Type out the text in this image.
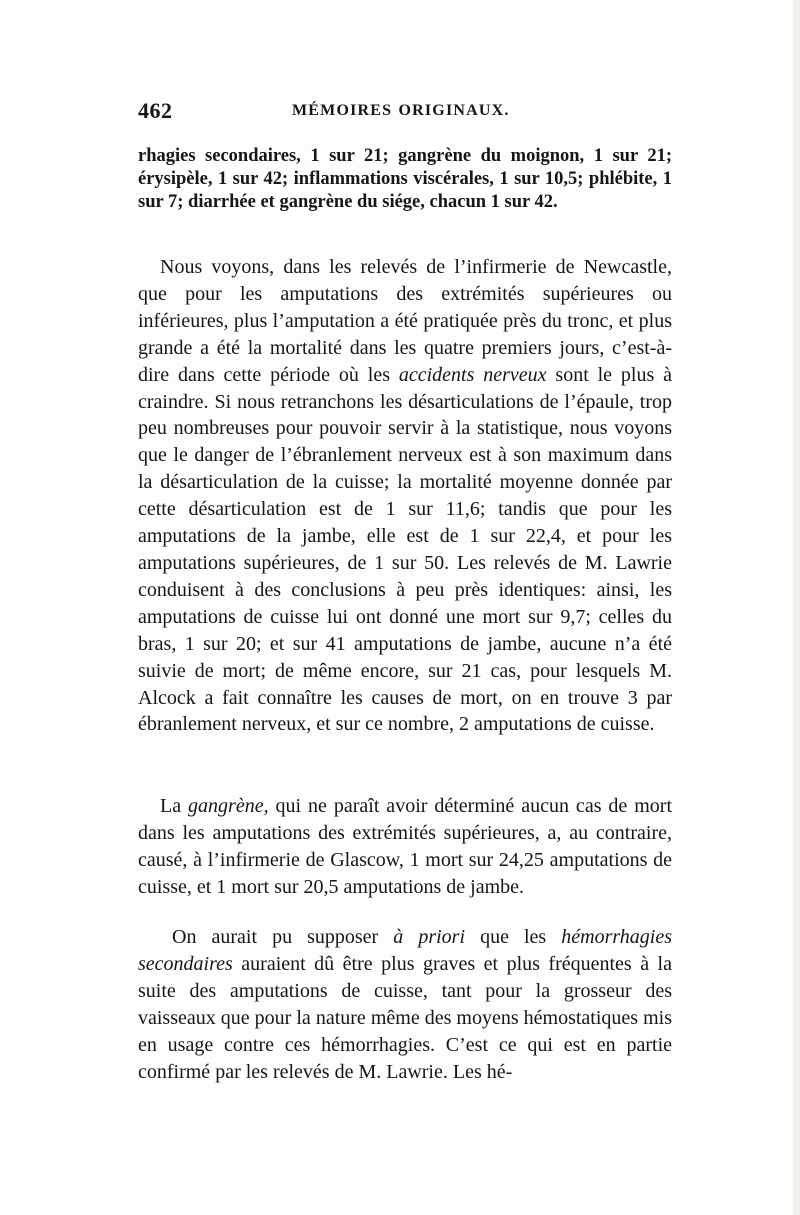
462	MÉMOIRES ORIGINAUX.

rhagies secondaires, 1 sur 21; gangrène du moignon, 1 sur 21; érysipèle, 1 sur 42; inflammations viscérales, 1 sur 10,5; phlébite, 1 sur 7; diarrhée et gangrène du siége, chacun 1 sur 42.

Nous voyons, dans les relevés de l’infirmerie de Newcastle, que pour les amputations des extrémités supérieures ou inférieures, plus l’amputation a été pratiquée près du tronc, et plus grande a été la mortalité dans les quatre premiers jours, c’est-à-dire dans cette période où les accidents nerveux sont le plus à craindre. Si nous retranchons les désarticulations de l’épaule, trop peu nombreuses pour pouvoir servir à la statistique, nous voyons que le danger de l’ébranlement nerveux est à son maximum dans la désarticulation de la cuisse; la mortalité moyenne donnée par cette désarticulation est de 1 sur 11,6; tandis que pour les amputations de la jambe, elle est de 1 sur 22,4, et pour les amputations supérieures, de 1 sur 50. Les relevés de M. Lawrie conduisent à des conclusions à peu près identiques: ainsi, les amputations de cuisse lui ont donné une mort sur 9,7; celles du bras, 1 sur 20; et sur 41 amputations de jambe, aucune n’a été suivie de mort; de même encore, sur 21 cas, pour lesquels M. Alcock a fait connaître les causes de mort, on en trouve 3 par ébranlement nerveux, et sur ce nombre, 2 amputations de cuisse.

La gangrène, qui ne paraît avoir déterminé aucun cas de mort dans les amputations des extrémités supérieures, a, au contraire, causé, à l’infirmerie de Glascow, 1 mort sur 24,25 amputations de cuisse, et 1 mort sur 20,5 amputations de jambe.

On aurait pu supposer à priori que les hémorrhagies secondaires auraient dû être plus graves et plus fréquentes à la suite des amputations de cuisse, tant pour la grosseur des vaisseaux que pour la nature même des moyens hémostatiques mis en usage contre ces hémorrhagies. C’est ce qui est en partie confirmé par les relevés de M. Lawrie. Les hé-
